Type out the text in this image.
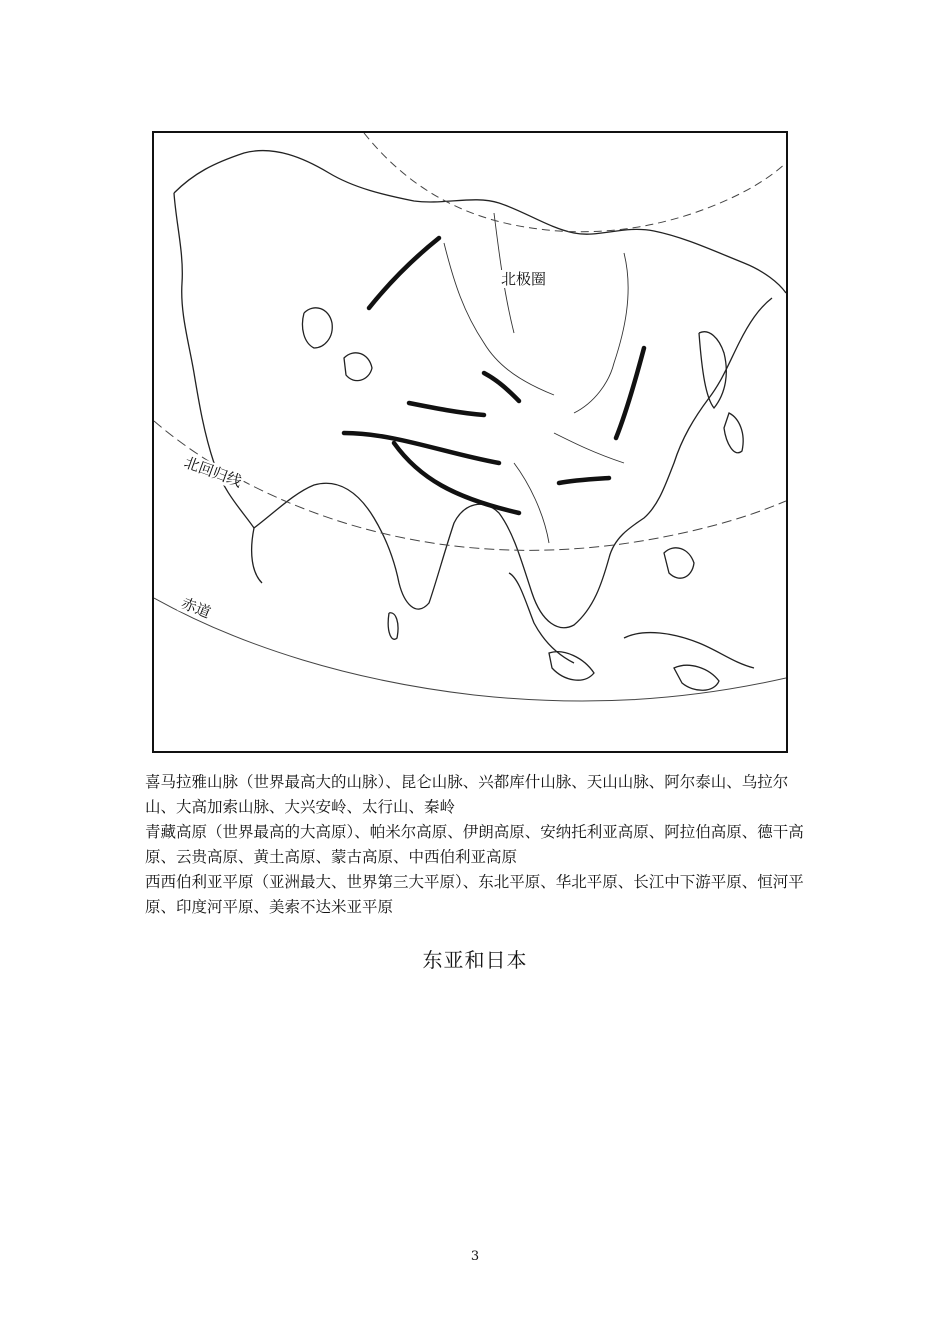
北极圈
北回归线
赤道

喜马拉雅山脉（世界最高大的山脉）、昆仑山脉、兴都库什山脉、天山山脉、阿尔泰山、乌拉尔山、大高加索山脉、大兴安岭、太行山、秦岭

青藏高原（世界最高的大高原）、帕米尔高原、伊朗高原、安纳托利亚高原、阿拉伯高原、德干高原、云贵高原、黄土高原、蒙古高原、中西伯利亚高原

西西伯利亚平原（亚洲最大、世界第三大平原）、东北平原、华北平原、长江中下游平原、恒河平原、印度河平原、美索不达米亚平原

东亚和日本
3
